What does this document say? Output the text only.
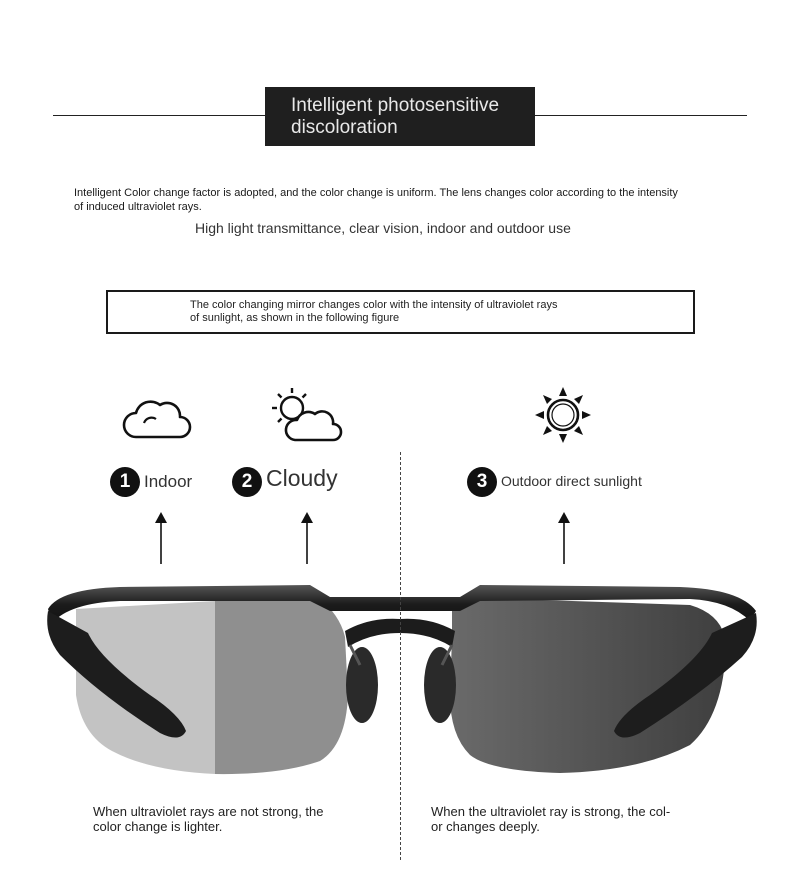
Intelligent photosensitive
discoloration
Intelligent Color change factor is adopted, and the color change is uniform. The lens changes color according to the intensity
of induced ultraviolet rays.
High light transmittance, clear vision, indoor and outdoor use
The color changing mirror changes color with the intensity of ultraviolet rays
of sunlight, as shown in the following figure
1 Indoor	2 Cloudy	3 Outdoor direct sunlight
When ultraviolet rays are not strong, the
color change is lighter.
When the ultraviolet ray is strong, the col-
or changes deeply.
